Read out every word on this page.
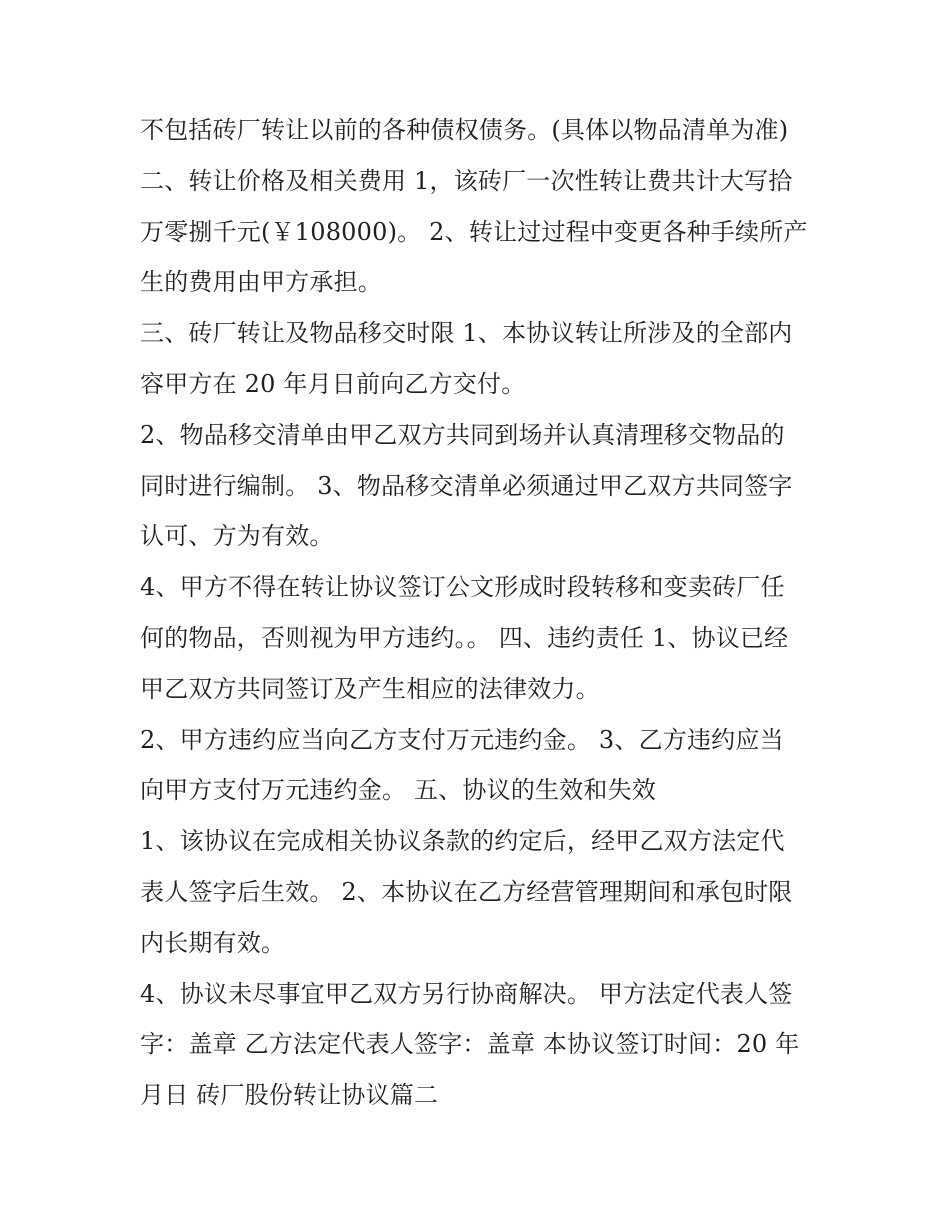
不包括砖厂转让以前的各种债权债务。(具体以物品清单为准)
二、转让价格及相关费用 1，该砖厂一次性转让费共计大写拾
万零捌千元(￥108000)。 2、转让过过程中变更各种手续所产
生的费用由甲方承担。
三、砖厂转让及物品移交时限 1、本协议转让所涉及的全部内
容甲方在 20 年月日前向乙方交付。
2、物品移交清单由甲乙双方共同到场并认真清理移交物品的
同时进行编制。 3、物品移交清单必须通过甲乙双方共同签字
认可、方为有效。
4、甲方不得在转让协议签订公文形成时段转移和变卖砖厂任
何的物品，否则视为甲方违约。。 四、违约责任 1、协议已经
甲乙双方共同签订及产生相应的法律效力。
2、甲方违约应当向乙方支付万元违约金。 3、乙方违约应当
向甲方支付万元违约金。 五、协议的生效和失效
1、该协议在完成相关协议条款的约定后，经甲乙双方法定代
表人签字后生效。 2、本协议在乙方经营管理期间和承包时限
内长期有效。
4、协议未尽事宜甲乙双方另行协商解决。 甲方法定代表人签
字：盖章 乙方法定代表人签字：盖章 本协议签订时间：20 年
月日 砖厂股份转让协议篇二
